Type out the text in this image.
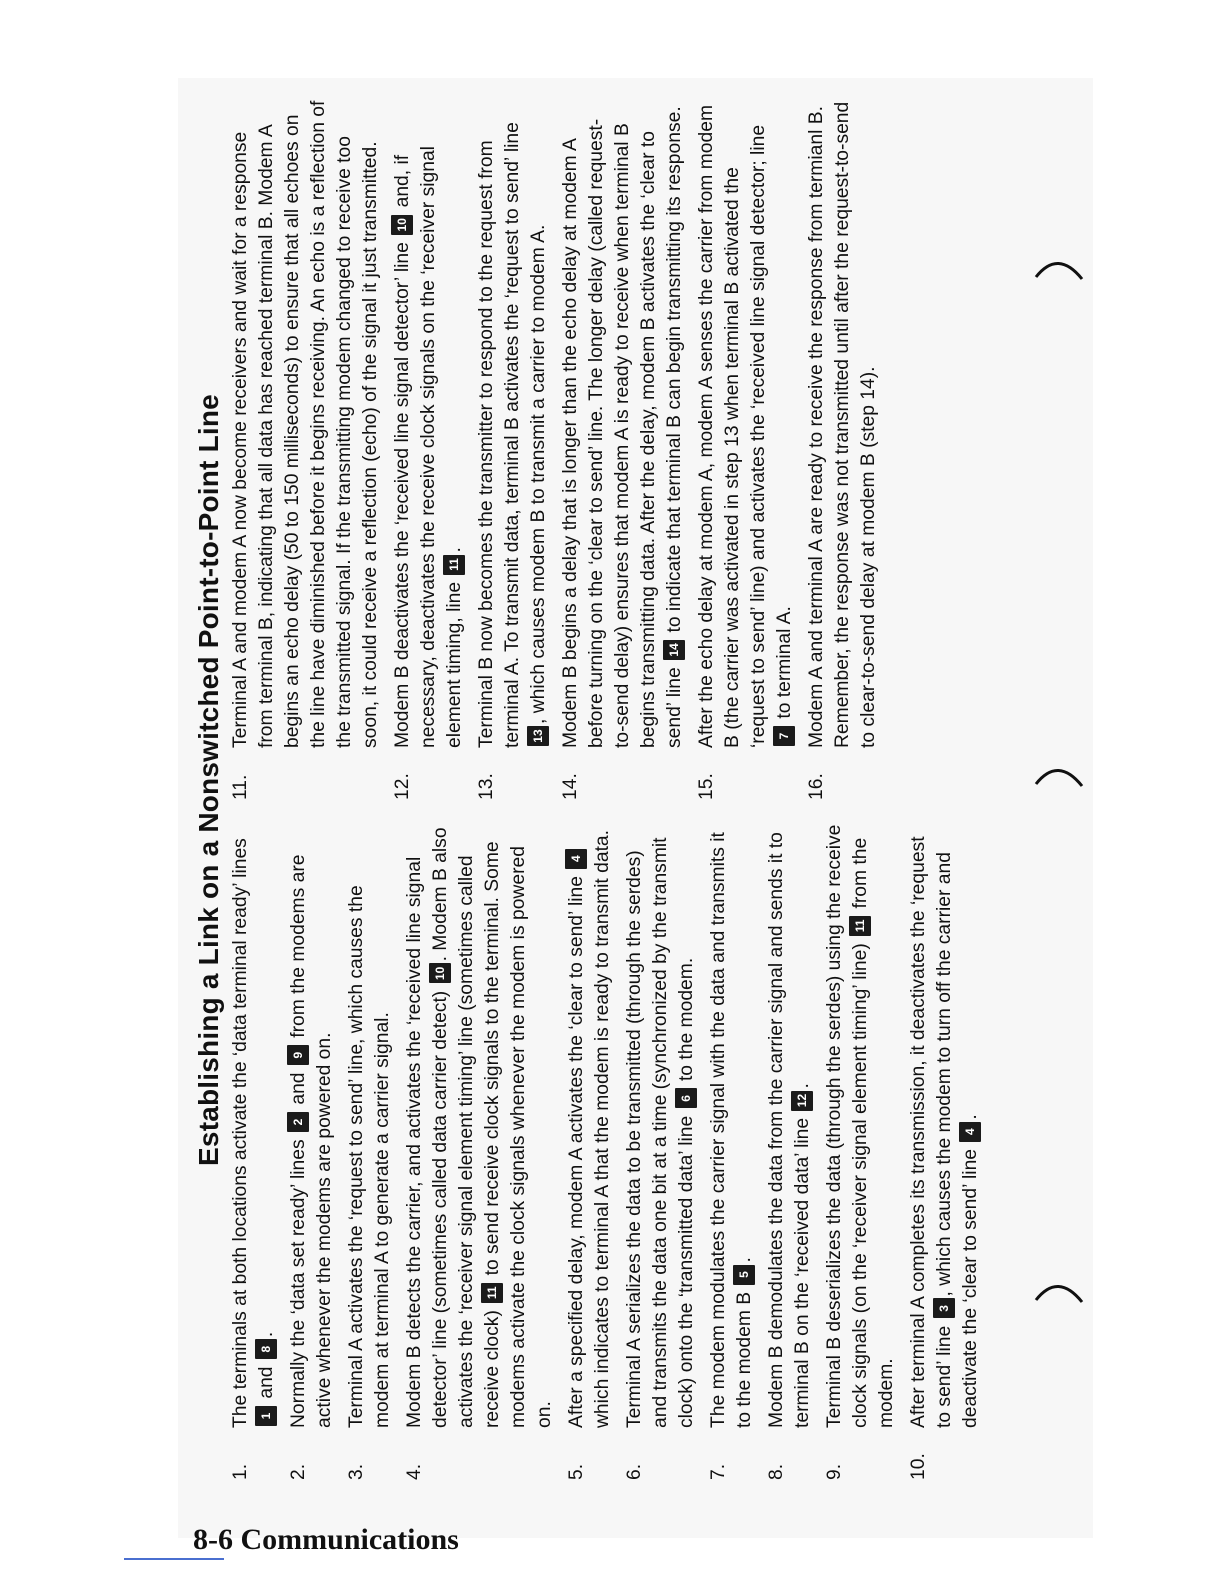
Establishing a Link on a Nonswitched Point-to-Point Line
1.
The terminals at both locations activate the ‘data terminal ready’ lines 1 and 8.
2.
Normally the ‘data set ready’ lines 2 and 9 from the modems are active whenever the modems are powered on.
3.
Terminal A activates the ‘request to send’ line, which causes the modem at terminal A to generate a carrier signal.
4.
Modem B detects the carrier, and activates the ‘received line signal detector’ line (sometimes called data carrier detect) 10. Modem B also activates the ‘receiver signal element timing’ line (sometimes called receive clock) 11 to send receive clock signals to the terminal. Some modems activate the clock signals whenever the modem is powered on.
5.
After a specified delay, modem A activates the ‘clear to send’ line 4 which indicates to terminal A that the modem is ready to transmit data.
6.
Terminal A serializes the data to be transmitted (through the serdes) and transmits the data one bit at a time (synchronized by the transmit clock) onto the ‘transmitted data’ line 6 to the modem.
7.
The modem modulates the carrier signal with the data and transmits it to the modem B 5.
8.
Modem B demodulates the data from the carrier signal and sends it to terminal B on the ‘received data’ line 12.
9.
Terminal B deserializes the data (through the serdes) using the receive clock signals (on the ‘receiver signal element timing’ line) 11 from the modem.
10.
After terminal A completes its transmission, it deactivates the ‘request to send’ line 3, which causes the modem to turn off the carrier and deactivate the ‘clear to send’ line 4.
11.
Terminal A and modem A now become receivers and wait for a response from terminal B, indicating that all data has reached terminal B. Modem A begins an echo delay (50 to 150 milliseconds) to ensure that all echoes on the line have diminished before it begins receiving. An echo is a reflection of the transmitted signal. If the transmitting modem changed to receive too soon, it could receive a reflection (echo) of the signal it just transmitted.
12.
Modem B deactivates the ‘received line signal detector’ line 10 and, if necessary, deactivates the receive clock signals on the ‘receiver signal element timing, line 11.
13.
Terminal B now becomes the transmitter to respond to the request from terminal A. To transmit data, terminal B activates the ‘request to send’ line 13, which causes modem B to transmit a carrier to modem A.
14.
Modem B begins a delay that is longer than the echo delay at modem A before turning on the ‘clear to send’ line. The longer delay (called request-to-send delay) ensures that modem A is ready to receive when terminal B begins transmitting data. After the delay, modem B activates the ‘clear to send’ line 14 to indicate that terminal B can begin transmitting its response.
15.
After the echo delay at modem A, modem A senses the carrier from modem B (the carrier was activated in step 13 when terminal B activated the ‘request to send’ line) and activates the ‘received line signal detector; line 7 to terminal A.
16.
Modem A and terminal A are ready to receive the response from termianl B. Remember, the response was not transmitted until after the request-to-send to clear-to-send delay at modem B (step 14).
8-6 Communications
